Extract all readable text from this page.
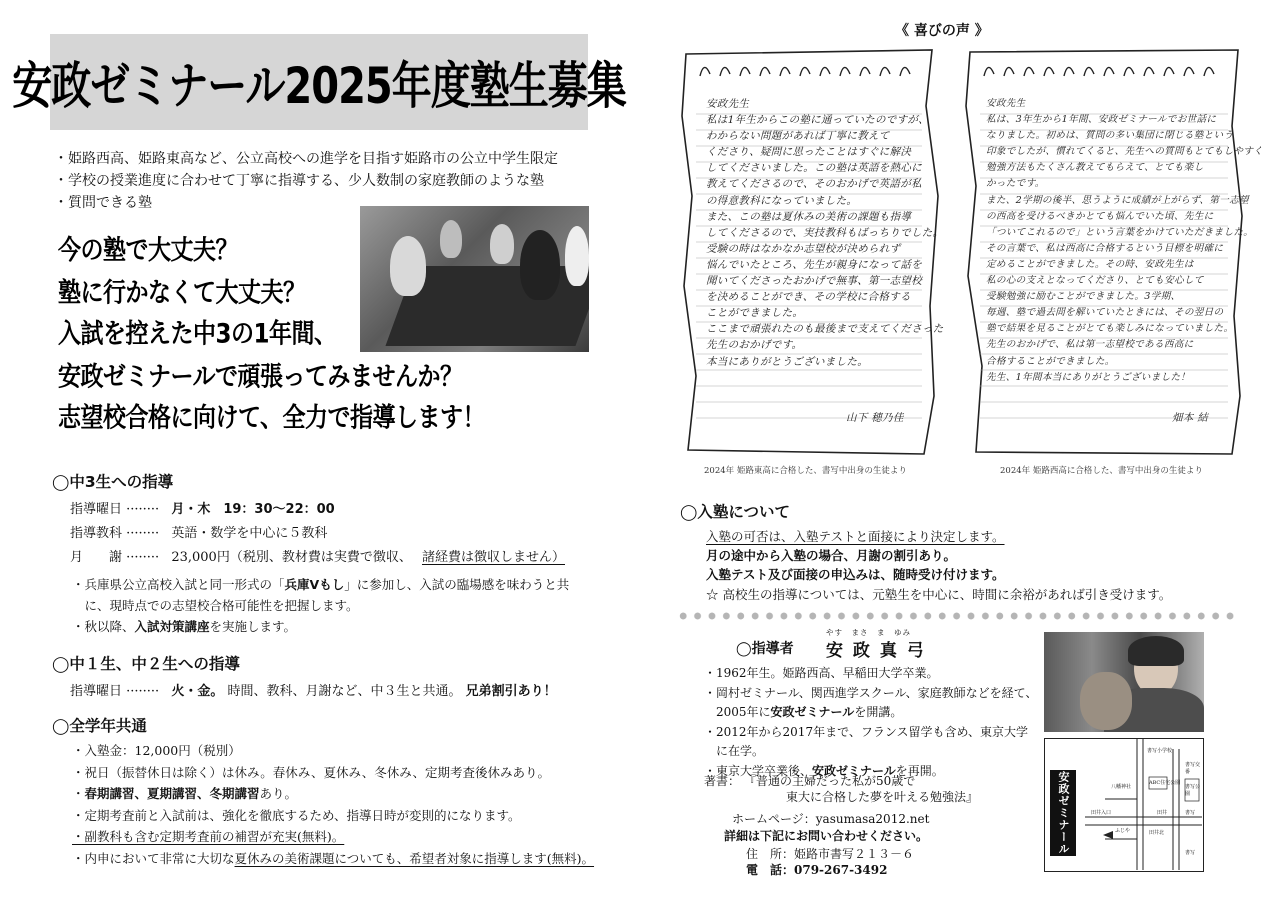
安政ゼミナール2025年度塾生募集
・姫路西高、姫路東高など、公立高校への進学を目指す姫路市の公立中学生限定
・学校の授業進度に合わせて丁寧に指導する、少人数制の家庭教師のような塾
・質問できる塾
今の塾で大丈夫？
塾に行かなくて大丈夫？
入試を控えた中3の1年間、
安政ゼミナールで頑張ってみませんか？
志望校合格に向けて、全力で指導します！
◯中3生への指導
指導曜日 ········ 月・木　19：30〜22：00
指導教科 ········ 英語・数学を中心に５教科
月　　謝 ········ 23,000円（税別、教材費は実費で徴収、 諸経費は徴収しません）
・兵庫県公立高校入試と同一形式の「兵庫Vもし」に参加し、入試の臨場感を味わうと共
　に、現時点での志望校合格可能性を把握します。
・秋以降、入試対策講座を実施します。
◯中１生、中２生への指導
指導曜日 ········ 火・金。 時間、教科、月謝など、中３生と共通。 兄弟割引あり！
◯全学年共通
・入塾金：12,000円（税別）
・祝日（振替休日は除く）は休み。春休み、夏休み、冬休み、定期考査後休みあり。
・春期講習、夏期講習、冬期講習あり。
・定期考査前と入試前は、強化を徹底するため、指導日時が変則的になります。
・副教科も含む定期考査前の補習が充実(無料)。
・内申において非常に大切な夏休みの美術課題についても、希望者対象に指導します(無料)。
《 喜びの声 》
安政先生
私は1年生からこの塾に通っていたのですが、
わからない問題があれば丁寧に教えて
くださり、疑問に思ったことはすぐに解決
してくださいました。この塾は英語を熱心に
教えてくださるので、そのおかげで英語が私
の得意教科になっていました。
また、この塾は夏休みの美術の課題も指導
してくださるので、実技教科もばっちりでした。
受験の時はなかなか志望校が決められず
悩んでいたところ、先生が親身になって話を
聞いてくださったおかげで無事、第一志望校
を決めることができ、その学校に合格する
ことができました。
ここまで頑張れたのも最後まで支えてくださった
先生のおかげです。
本当にありがとうございました。
山下 穂乃佳
2024年 姫路東高に合格した、書写中出身の生徒より
安政先生
私は、3年生から1年間、安政ゼミナールでお世話に
なりました。初めは、質問の多い集団に閉じる塾という
印象でしたが、慣れてくると、先生への質問もとてもしやすく
勉強方法もたくさん教えてもらえて、とても楽し
かったです。
また、2学期の後半、思うように成績が上がらず、第一志望
の西高を受けるべきかとても悩んでいた頃、先生に
「ついてこれるので」という言葉をかけていただきました。
その言葉で、私は西高に合格するという目標を明確に
定めることができました。その時、安政先生は
私の心の支えとなってくださり、とても安心して
受験勉強に励むことができました。3学期、
毎週、塾で過去問を解いていたときには、その翌日の
塾で結果を見ることがとても楽しみになっていました。
先生のおかげで、私は第一志望校である西高に
合格することができました。
先生、1年間本当にありがとうございました！
畑本 結
2024年 姫路西高に合格した、書写中出身の生徒より
◯入塾について
入塾の可否は、入塾テストと面接により決定します。
月の途中から入塾の場合、月謝の割引あり。
入塾テスト及び面接の申込みは、随時受け付けます。
☆ 高校生の指導については、元塾生を中心に、時間に余裕があれば引き受けます。
◯指導者
やす　まさ　ま　ゆみ
安 政 真 弓
・1962年生。姫路西高、早稲田大学卒業。
・岡村ゼミナール、関西進学スクール、家庭教師などを経て、
　2005年に安政ゼミナールを開講。
・2012年から2017年まで、フランス留学も含め、東京大学
　に在学。
・東京大学卒業後、安政ゼミナールを再開。
著書： 『普通の主婦だった私が50歳で
東大に合格した夢を叶える勉強法』
ホームページ：yasumasa2012.net
詳細は下記にお問い合わせください。
住　所：姫路市書写２１３－６
電　話：079-267-3492
書写小学校
八幡神社
ABC住宅公園
書写交番
書写公園
書写
田井
田井入口
ふじや	田井北
書写
安政ゼミナール
